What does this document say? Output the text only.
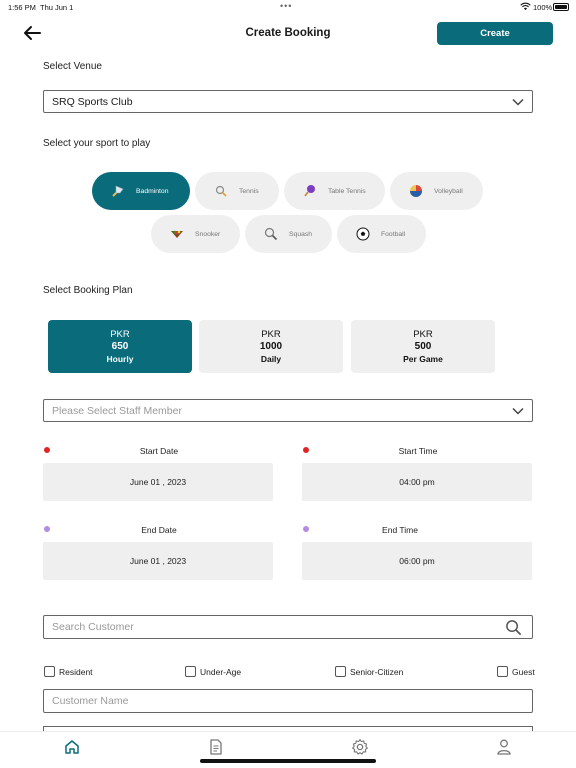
1:56 PM Thu Jun 1	•••	100%
Create Booking	Create
Select Venue
SRQ Sports Club
Select your sport to play
Badminton	Tennis	Table Tennis	Volleyball
Snooker	Squash	Football
Select Booking Plan
PKR
650
Hourly
PKR
1000
Daily
PKR
500
Per Game
Please Select Staff Member
Start Date
June 01 , 2023
Start Time
04:00 pm
End Date
June 01 , 2023
End Time
06:00 pm
Search Customer
Resident	Under-Age	Senior-Citizen	Guest
Customer Name
